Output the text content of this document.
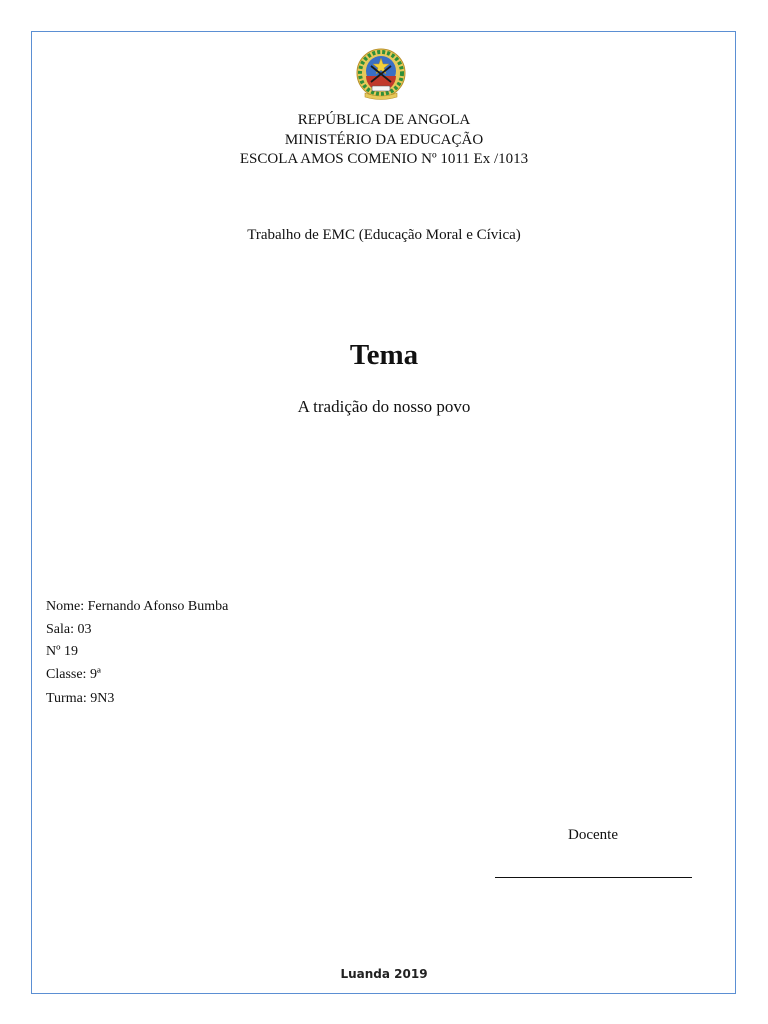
REPÚBLICA DE ANGOLA
MINISTÉRIO DA EDUCAÇÃO
ESCOLA AMOS COMENIO Nº 1011 Ex /1013
Trabalho de EMC (Educação Moral e Cívica)
Tema
A tradição do nosso povo
Nome: Fernando Afonso Bumba
Sala: 03
Nº 19
Classe: 9ª
Turma: 9N3
Docente
Luanda 2019
